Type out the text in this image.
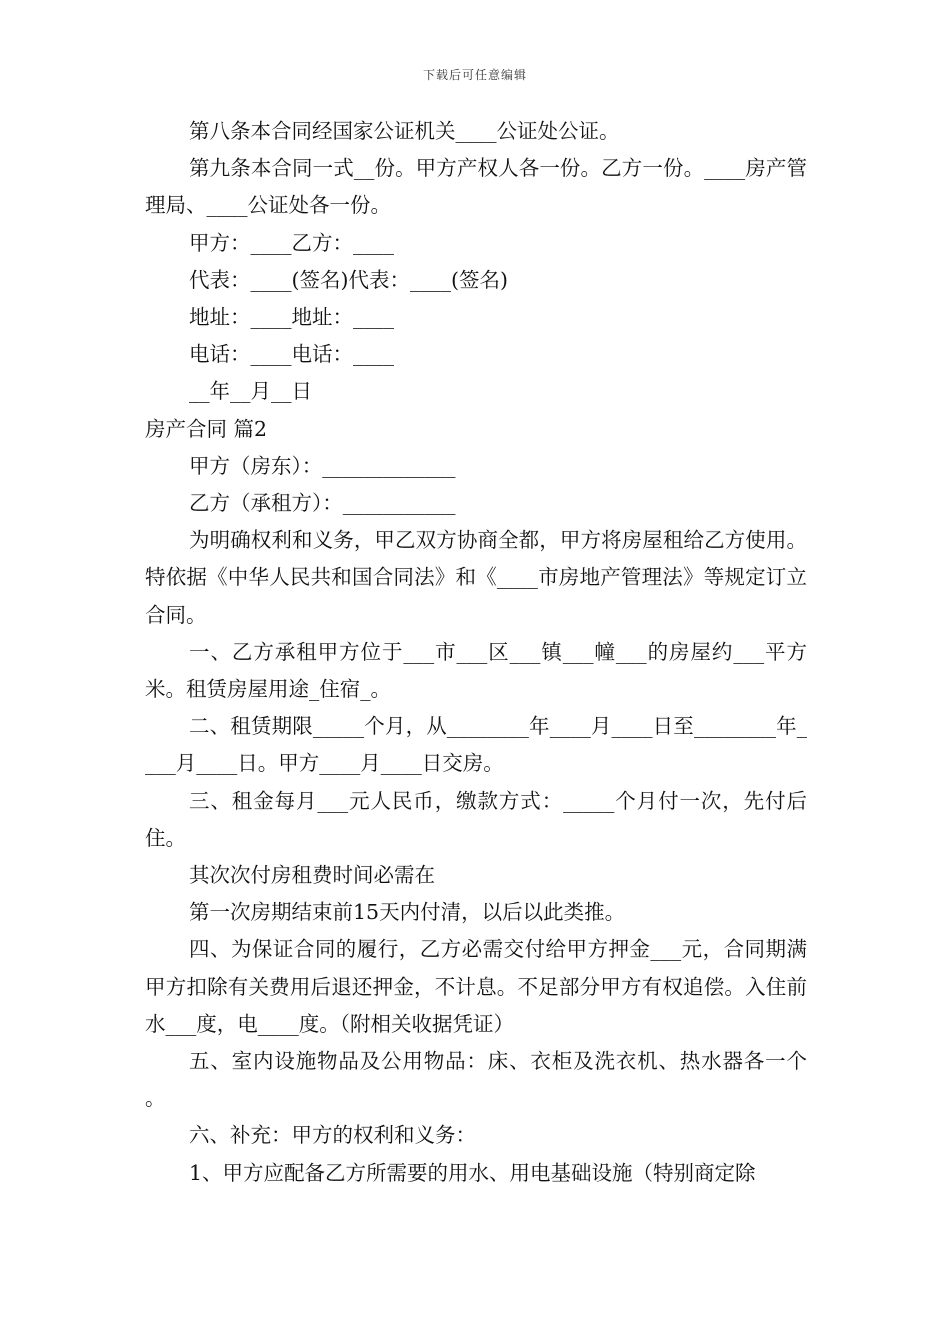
下载后可任意编辑

第八条本合同经国家公证机关____公证处公证。

第九条本合同一式__份。甲方产权人各一份。乙方一份。____房产管理局、____公证处各一份。

甲方：____乙方：____

代表：____(签名)代表：____(签名)

地址：____地址：____

电话：____电话：____

__年__月__日

房产合同 篇2

甲方（房东）：_____________

乙方（承租方）：___________

为明确权利和义务，甲乙双方协商全都，甲方将房屋租给乙方使用。特依据《中华人民共和国合同法》和《____市房地产管理法》等规定订立合同。

一、乙方承租甲方位于___市___区___镇___幢___的房屋约___平方米。租赁房屋用途_住宿_。

二、租赁期限_____个月，从________年____月____日至________年____月____日。甲方____月____日交房。

三、租金每月___元人民币，缴款方式：_____个月付一次，先付后住。

其次次付房租费时间必需在

第一次房期结束前15天内付清，以后以此类推。

四、为保证合同的履行，乙方必需交付给甲方押金___元，合同期满甲方扣除有关费用后退还押金，不计息。不足部分甲方有权追偿。入住前水___度，电____度。（附相关收据凭证）

五、室内设施物品及公用物品：床、衣柜及洗衣机、热水器各一个 。

六、补充：甲方的权利和义务：

1、甲方应配备乙方所需要的用水、用电基础设施（特别商定除
